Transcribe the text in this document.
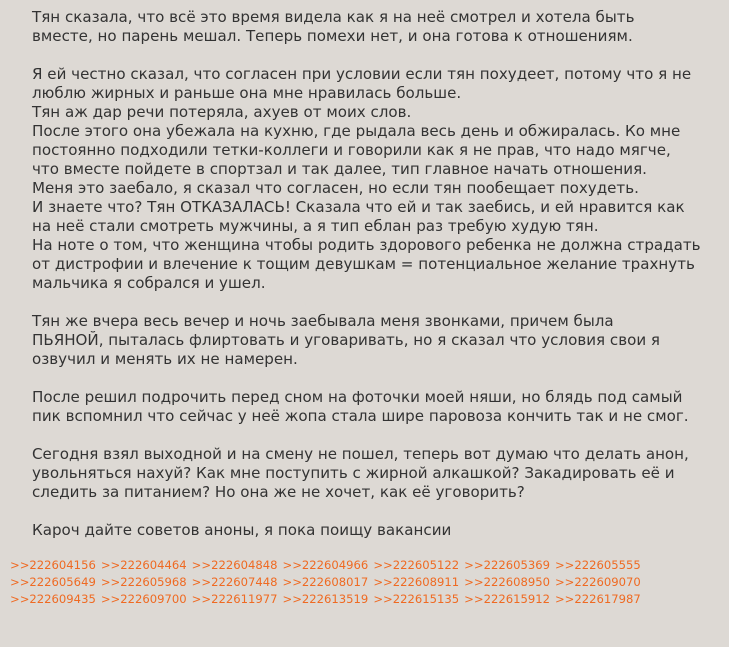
Тян сказала, что всё это время видела как я на неё смотрел и хотела быть
вместе, но парень мешал. Теперь помехи нет, и она готова к отношениям.
Я ей честно сказал, что согласен при условии если тян похудеет, потому что я не
люблю жирных и раньше она мне нравилась больше.
Тян аж дар речи потеряла, ахуев от моих слов.
После этого она убежала на кухню, где рыдала весь день и обжиралась. Ко мне
постоянно подходили тетки-коллеги и говорили как я не прав, что надо мягче,
что вместе пойдете в спортзал и так далее, тип главное начать отношения.
Меня это заебало, я сказал что согласен, но если тян пообещает похудеть.
И знаете что? Тян ОТКАЗАЛАСЬ! Сказала что ей и так заебись, и ей нравится как
на неё стали смотреть мужчины, а я тип еблан раз требую худую тян.
На ноте о том, что женщина чтобы родить здорового ребенка не должна страдать
от дистрофии и влечение к тощим девушкам = потенциальное желание трахнуть
мальчика я собрался и ушел.
Тян же вчера весь вечер и ночь заебывала меня звонками, причем была
ПЬЯНОЙ, пыталась флиртовать и уговаривать, но я сказал что условия свои я
озвучил и менять их не намерен.
После решил подрочить перед сном на фоточки моей няши, но блядь под самый
пик вспомнил что сейчас у неё жопа стала шире паровоза кончить так и не смог.
Сегодня взял выходной и на смену не пошел, теперь вот думаю что делать анон,
увольняться нахуй? Как мне поступить с жирной алкашкой? Закадировать её и
следить за питанием? Но она же не хочет, как её уговорить?
Кароч дайте советов аноны, я пока поищу вакансии
>>222604156 >>222604464 >>222604848 >>222604966 >>222605122 >>222605369 >>222605555
>>222605649 >>222605968 >>222607448 >>222608017 >>222608911 >>222608950 >>222609070
>>222609435 >>222609700 >>222611977 >>222613519 >>222615135 >>222615912 >>222617987
